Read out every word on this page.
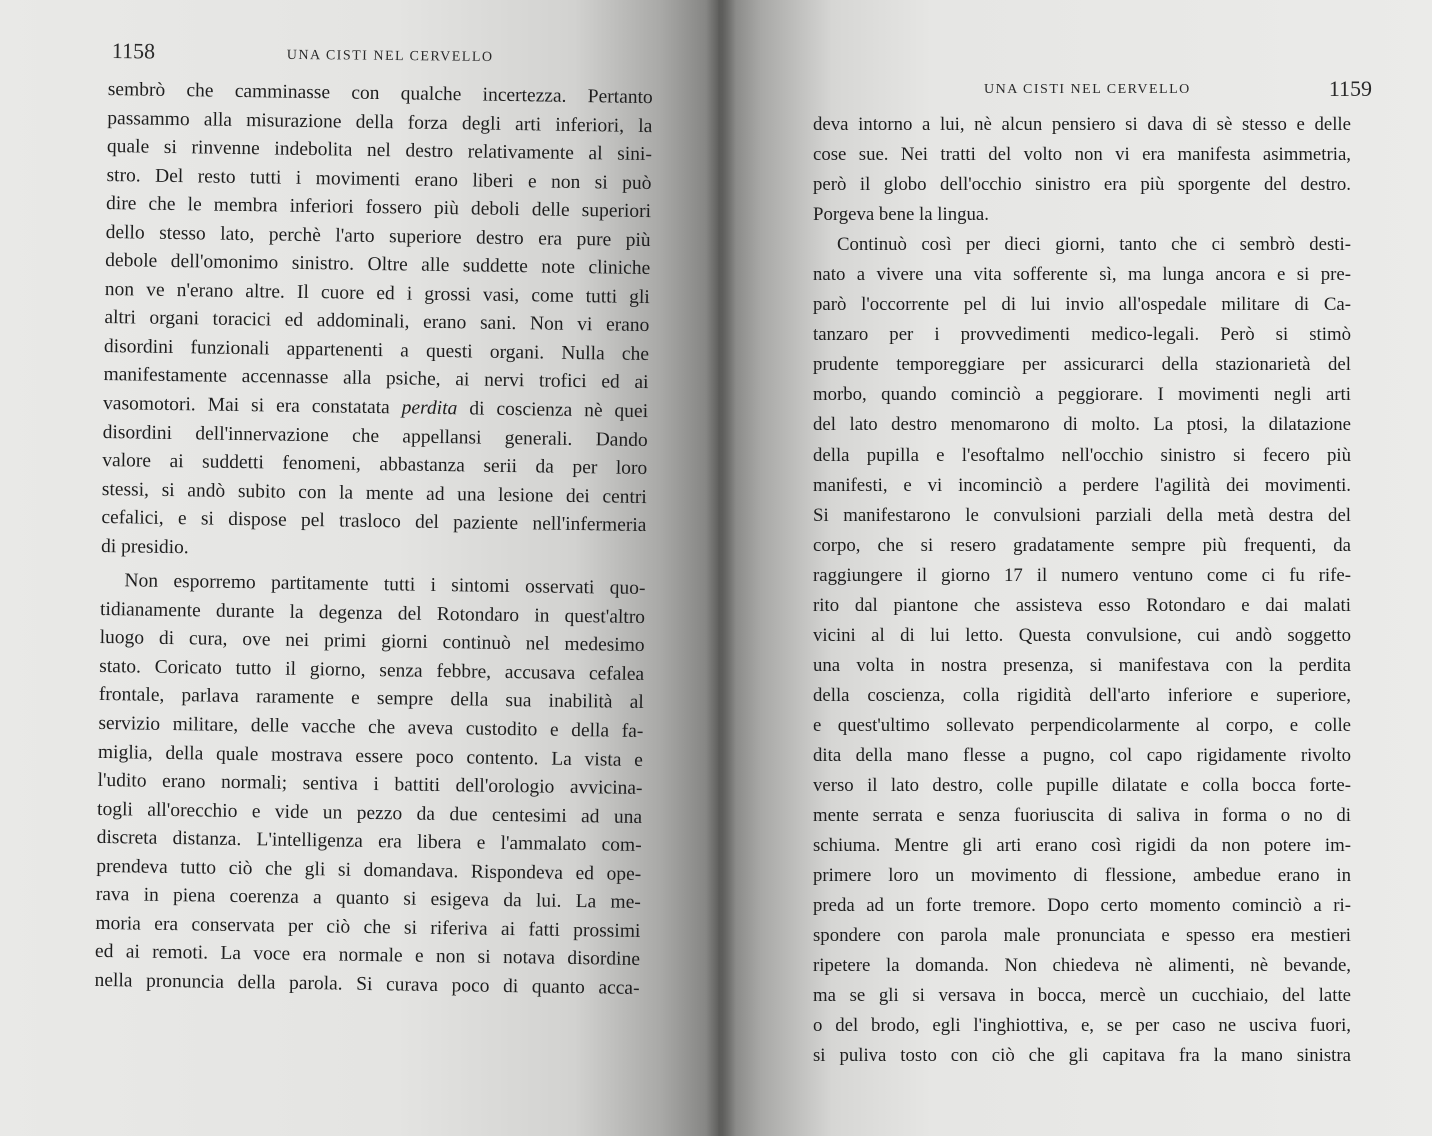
1158	UNA CISTI NEL CERVELLO
sembrò che camminasse con qualche incertezza. Pertanto
passammo alla misurazione della forza degli arti inferiori, la
quale si rinvenne indebolita nel destro relativamente al sini-
stro. Del resto tutti i movimenti erano liberi e non si può
dire che le membra inferiori fossero più deboli delle superiori
dello stesso lato, perchè l'arto superiore destro era pure più
debole dell'omonimo sinistro. Oltre alle suddette note cliniche
non ve n'erano altre. Il cuore ed i grossi vasi, come tutti gli
altri organi toracici ed addominali, erano sani. Non vi erano
disordini funzionali appartenenti a questi organi. Nulla che
manifestamente accennasse alla psiche, ai nervi trofici ed ai
vasomotori. Mai si era constatata perdita di coscienza nè quei
disordini dell'innervazione che appellansi generali. Dando
valore ai suddetti fenomeni, abbastanza serii da per loro
stessi, si andò subito con la mente ad una lesione dei centri
cefalici, e si dispose pel trasloco del paziente nell'infermeria
di presidio.
Non esporremo partitamente tutti i sintomi osservati quo-
tidianamente durante la degenza del Rotondaro in quest'altro
luogo di cura, ove nei primi giorni continuò nel medesimo
stato. Coricato tutto il giorno, senza febbre, accusava cefalea
frontale, parlava raramente e sempre della sua inabilità al
servizio militare, delle vacche che aveva custodito e della fa-
miglia, della quale mostrava essere poco contento. La vista e
l'udito erano normali; sentiva i battiti dell'orologio avvicina-
togli all'orecchio e vide un pezzo da due centesimi ad una
discreta distanza. L'intelligenza era libera e l'ammalato com-
prendeva tutto ciò che gli si domandava. Rispondeva ed ope-
rava in piena coerenza a quanto si esigeva da lui. La me-
moria era conservata per ciò che si riferiva ai fatti prossimi
ed ai remoti. La voce era normale e non si notava disordine
nella pronuncia della parola. Si curava poco di quanto acca-
UNA CISTI NEL CERVELLO	1159
deva intorno a lui, nè alcun pensiero si dava di sè stesso e delle
cose sue. Nei tratti del volto non vi era manifesta asimmetria,
però il globo dell'occhio sinistro era più sporgente del destro.
Porgeva bene la lingua.
Continuò così per dieci giorni, tanto che ci sembrò desti-
nato a vivere una vita sofferente sì, ma lunga ancora e si pre-
parò l'occorrente pel di lui invio all'ospedale militare di Ca-
tanzaro per i provvedimenti medico-legali. Però si stimò
prudente temporeggiare per assicurarci della stazionarietà del
morbo, quando cominciò a peggiorare. I movimenti negli arti
del lato destro menomarono di molto. La ptosi, la dilatazione
della pupilla e l'esoftalmo nell'occhio sinistro si fecero più
manifesti, e vi incominciò a perdere l'agilità dei movimenti.
Si manifestarono le convulsioni parziali della metà destra del
corpo, che si resero gradatamente sempre più frequenti, da
raggiungere il giorno 17 il numero ventuno come ci fu rife-
rito dal piantone che assisteva esso Rotondaro e dai malati
vicini al di lui letto. Questa convulsione, cui andò soggetto
una volta in nostra presenza, si manifestava con la perdita
della coscienza, colla rigidità dell'arto inferiore e superiore,
e quest'ultimo sollevato perpendicolarmente al corpo, e colle
dita della mano flesse a pugno, col capo rigidamente rivolto
verso il lato destro, colle pupille dilatate e colla bocca forte-
mente serrata e senza fuoriuscita di saliva in forma o no di
schiuma. Mentre gli arti erano così rigidi da non potere im-
primere loro un movimento di flessione, ambedue erano in
preda ad un forte tremore. Dopo certo momento cominciò a ri-
spondere con parola male pronunciata e spesso era mestieri
ripetere la domanda. Non chiedeva nè alimenti, nè bevande,
ma se gli si versava in bocca, mercè un cucchiaio, del latte
o del brodo, egli l'inghiottiva, e, se per caso ne usciva fuori,
si puliva tosto con ciò che gli capitava fra la mano sinistra
